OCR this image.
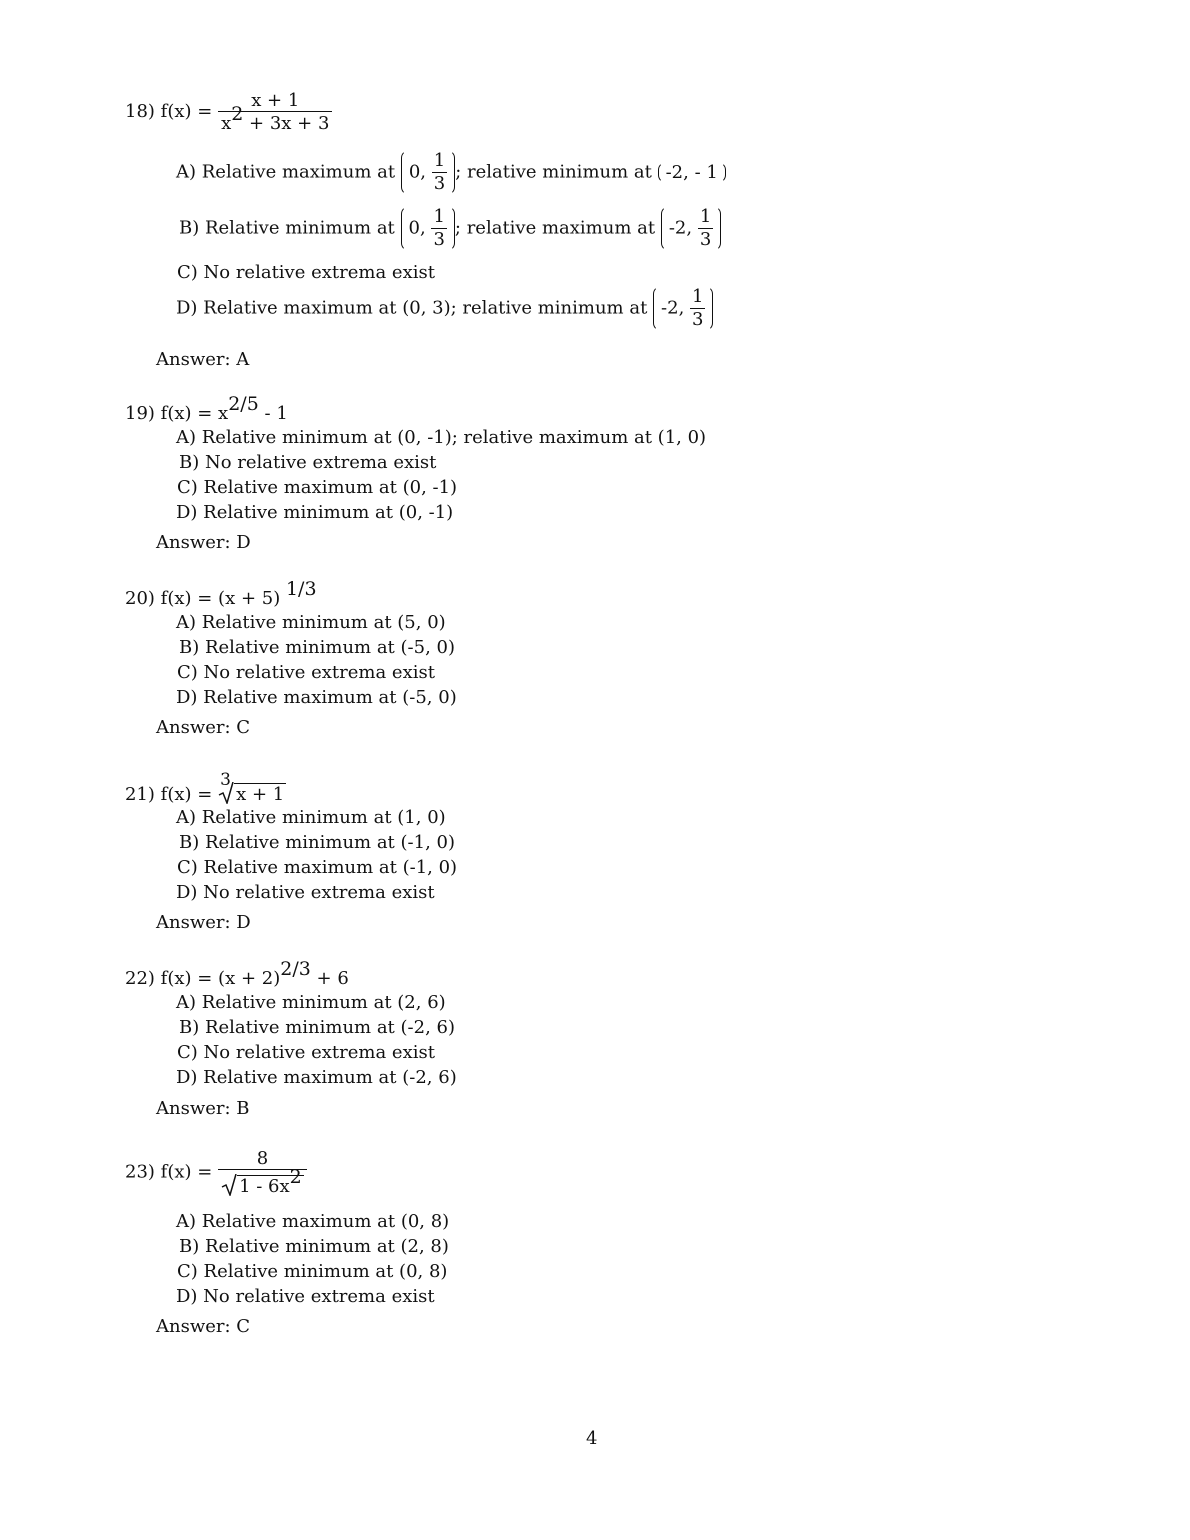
18) $f(x) = \frac{x + 1}{x2 + 3x + 3}$
A) Relative maximum at 0, $\frac{1}{3}$ ; relative minimum at -2, - 1
B) Relative minimum at 0, $\frac{1}{3}$ ; relative maximum at -2, $\frac{1}{3}$
C) No relative extrema exist
D) Relative maximum at (0, 3); relative minimum at -2, $\frac{1}{3}$
Answer: A
19) f(x) = x2/5 - 1
A) Relative minimum at (0, -1); relative maximum at (1, 0)
B) No relative extrema exist
C) Relative maximum at (0, -1)
D) Relative minimum at (0, -1)
Answer: D
20) f(x) = (x + 5) 1/3
A) Relative minimum at (5, 0)
B) Relative minimum at (-5, 0)
C) No relative extrema exist
D) Relative maximum at (-5, 0)
Answer: C
21) f(x) =
3
x + 1
A) Relative minimum at (1, 0)
B) Relative minimum at (-1, 0)
C) Relative maximum at (-1, 0)
D) No relative extrema exist
Answer: D
22) f(x) = (x + 2)2/3 + 6
A) Relative minimum at (2, 6)
B) Relative minimum at (-2, 6)
C) No relative extrema exist
D) Relative maximum at (-2, 6)
Answer: B
23) $f(x) = \frac{8}{1 - 6x2}$
A) Relative maximum at (0, 8)
B) Relative minimum at (2, 8)
C) Relative minimum at (0, 8)
D) No relative extrema exist
Answer: C
4
